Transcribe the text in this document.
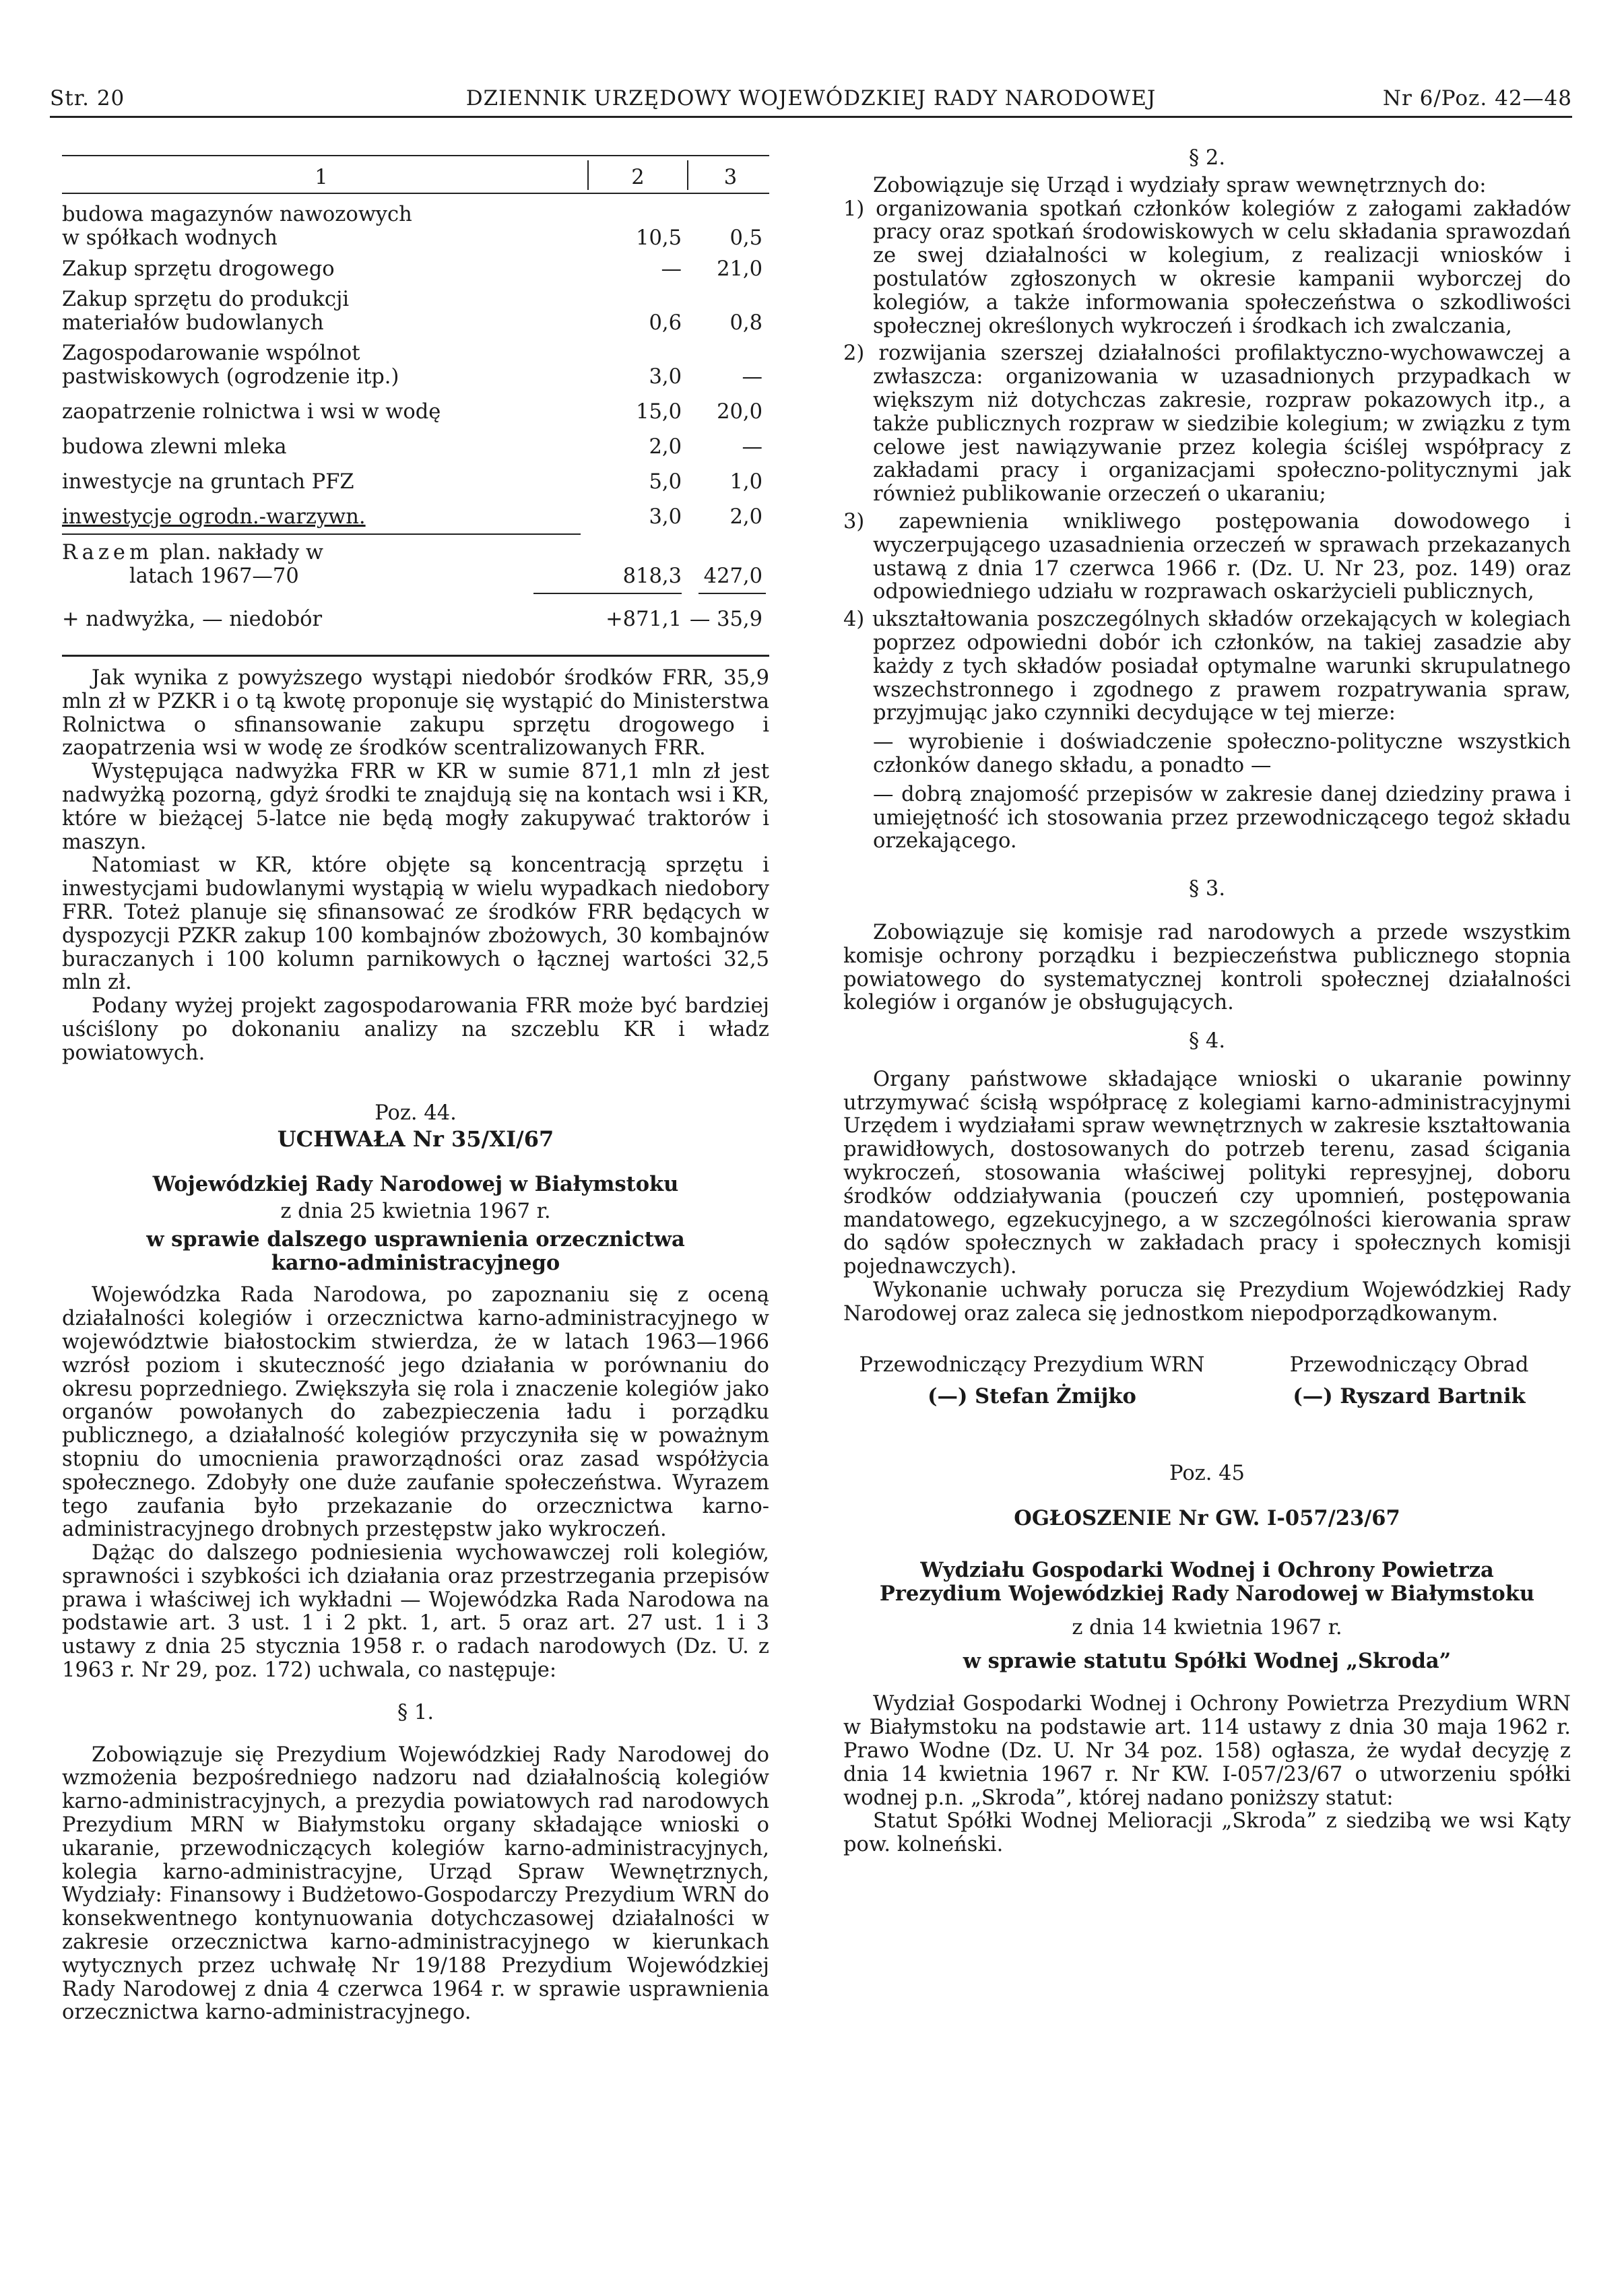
Str. 20	DZIENNIK URZĘDOWY WOJEWÓDZKIEJ RADY NARODOWEJ	Nr 6/Poz. 42—48
1	2	3
budowa magazynów nawozowych
w spółkach wodnych	10,5	0,5
Zakup sprzętu drogowego	—	21,0
Zakup sprzętu do produkcji
materiałów budowlanych	0,6	0,8
Zagospodarowanie wspólnot
pastwiskowych (ogrodzenie itp.)	3,0	—
zaopatrzenie rolnictwa i wsi w wodę	15,0	20,0
budowa zlewni mleka	2,0	—
inwestycje na gruntach PFZ	5,0	1,0
inwestycje ogrodn.-warzywn.	3,0	2,0
Razem plan. nakłady w
latach 1967—70	818,3	427,0
+ nadwyżka, — niedobór	+871,1 — 35,9

Jak wynika z powyższego wystąpi niedobór środków FRR, 35,9 mln zł w PZKR i o tą kwotę proponuje się wystąpić do Ministerstwa Rolnictwa o sfinansowanie zakupu sprzętu drogowego i zaopatrzenia wsi w wodę ze środków scentralizowanych FRR.

Występująca nadwyżka FRR w KR w sumie 871,1 mln zł jest nadwyżką pozorną, gdyż środki te znajdują się na kontach wsi i KR, które w bieżącej 5-latce nie będą mogły zakupywać traktorów i maszyn.

Natomiast w KR, które objęte są koncentracją sprzętu i inwestycjami budowlanymi wystąpią w wielu wypadkach niedobory FRR. Toteż planuje się sfinansować ze środków FRR będących w dyspozycji PZKR zakup 100 kombajnów zbożowych, 30 kombajnów buraczanych i 100 kolumn parnikowych o łącznej wartości 32,5 mln zł.

Podany wyżej projekt zagospodarowania FRR może być bardziej uściślony po dokonaniu analizy na szczeblu KR i władz powiatowych.

Poz. 44.

UCHWAŁA Nr 35/XI/67

Wojewódzkiej Rady Narodowej w Białymstoku

z dnia 25 kwietnia 1967 r.

w sprawie dalszego usprawnienia orzecznictwa

karno-administracyjnego

Wojewódzka Rada Narodowa, po zapoznaniu się z oceną działalności kolegiów i orzecznictwa karno-administracyjnego w województwie białostockim stwierdza, że w latach 1963—1966 wzrósł poziom i skuteczność jego działania w porównaniu do okresu poprzedniego. Zwiększyła się rola i znaczenie kolegiów jako organów powołanych do zabezpieczenia ładu i porządku publicznego, a działalność kolegiów przyczyniła się w poważnym stopniu do umocnienia praworządności oraz zasad współżycia społecznego. Zdobyły one duże zaufanie społeczeństwa. Wyrazem tego zaufania było przekazanie do orzecznictwa karno-administracyjnego drobnych przestępstw jako wykroczeń.

Dążąc do dalszego podniesienia wychowawczej roli kolegiów, sprawności i szybkości ich działania oraz przestrzegania przepisów prawa i właściwej ich wykładni — Wojewódzka Rada Narodowa na podstawie art. 3 ust. 1 i 2 pkt. 1, art. 5 oraz art. 27 ust. 1 i 3 ustawy z dnia 25 stycznia 1958 r. o radach narodowych (Dz. U. z 1963 r. Nr 29, poz. 172) uchwala, co następuje:

§ 1.

Zobowiązuje się Prezydium Wojewódzkiej Rady Narodowej do wzmożenia bezpośredniego nadzoru nad działalnością kolegiów karno-administracyjnych, a prezydia powiatowych rad narodowych Prezydium MRN w Białymstoku organy składające wnioski o ukaranie, przewodniczących kolegiów karno-administracyjnych, kolegia karno-administracyjne, Urząd Spraw Wewnętrznych, Wydziały: Finansowy i Budżetowo-Gospodarczy Prezydium WRN do konsekwentnego kontynuowania dotychczasowej działalności w zakresie orzecznictwa karno-administracyjnego w kierunkach wytycznych przez uchwałę Nr 19/188 Prezydium Wojewódzkiej Rady Narodowej z dnia 4 czerwca 1964 r. w sprawie usprawnienia orzecznictwa karno-administracyjnego.

§ 2.

Zobowiązuje się Urząd i wydziały spraw wewnętrznych do:

1) organizowania spotkań członków kolegiów z załogami zakładów pracy oraz spotkań środowiskowych w celu składania sprawozdań ze swej działalności w kolegium, z realizacji wniosków i postulatów zgłoszonych w okresie kampanii wyborczej do kolegiów, a także informowania społeczeństwa o szkodliwości społecznej określonych wykroczeń i środkach ich zwalczania,

2) rozwijania szerszej działalności profilaktyczno-wychowawczej a zwłaszcza: organizowania w uzasadnionych przypadkach w większym niż dotychczas zakresie, rozpraw pokazowych itp., a także publicznych rozpraw w siedzibie kolegium; w związku z tym celowe jest nawiązywanie przez kolegia ściślej współpracy z zakładami pracy i organizacjami społeczno-politycznymi jak również publikowanie orzeczeń o ukaraniu;

3) zapewnienia wnikliwego postępowania dowodowego i wyczerpującego uzasadnienia orzeczeń w sprawach przekazanych ustawą z dnia 17 czerwca 1966 r. (Dz. U. Nr 23, poz. 149) oraz odpowiedniego udziału w rozprawach oskarżycieli publicznych,

4) ukształtowania poszczególnych składów orzekających w kolegiach poprzez odpowiedni dobór ich członków, na takiej zasadzie aby każdy z tych składów posiadał optymalne warunki skrupulatnego wszechstronnego i zgodnego z prawem rozpatrywania spraw, przyjmując jako czynniki decydujące w tej mierze:

— wyrobienie i doświadczenie społeczno-polityczne wszystkich członków danego składu, a ponadto —

— dobrą znajomość przepisów w zakresie danej dziedziny prawa i umiejętność ich stosowania przez przewodniczącego tegoż składu orzekającego.

§ 3.

Zobowiązuje się komisje rad narodowych a przede wszystkim komisje ochrony porządku i bezpieczeństwa publicznego stopnia powiatowego do systematycznej kontroli społecznej działalności kolegiów i organów je obsługujących.

§ 4.

Organy państwowe składające wnioski o ukaranie powinny utrzymywać ścisłą współpracę z kolegiami karno-administracyjnymi Urzędem i wydziałami spraw wewnętrznych w zakresie kształtowania prawidłowych, dostosowanych do potrzeb terenu, zasad ścigania wykroczeń, stosowania właściwej polityki represyjnej, doboru środków oddziaływania (pouczeń czy upomnień, postępowania mandatowego, egzekucyjnego, a w szczególności kierowania spraw do sądów społecznych w zakładach pracy i społecznych komisji pojednawczych).

Wykonanie uchwały porucza się Prezydium Wojewódzkiej Rady Narodowej oraz zaleca się jednostkom niepodporządkowanym.

Przewodniczący Prezydium WRN
(—) Stefan Żmijko
Przewodniczący Obrad
(—) Ryszard Bartnik

Poz. 45

OGŁOSZENIE Nr GW. I-057/23/67

Wydziału Gospodarki Wodnej i Ochrony Powietrza

Prezydium Wojewódzkiej Rady Narodowej w Białymstoku

z dnia 14 kwietnia 1967 r.

w sprawie statutu Spółki Wodnej „Skroda”

Wydział Gospodarki Wodnej i Ochrony Powietrza Prezydium WRN w Białymstoku na podstawie art. 114 ustawy z dnia 30 maja 1962 r. Prawo Wodne (Dz. U. Nr 34 poz. 158) ogłasza, że wydał decyzję z dnia 14 kwietnia 1967 r. Nr KW. I-057/23/67 o utworzeniu spółki wodnej p.n. „Skroda”, której nadano poniższy statut:

Statut Spółki Wodnej Melioracji „Skroda” z siedzibą we wsi Kąty pow. kolneński.
